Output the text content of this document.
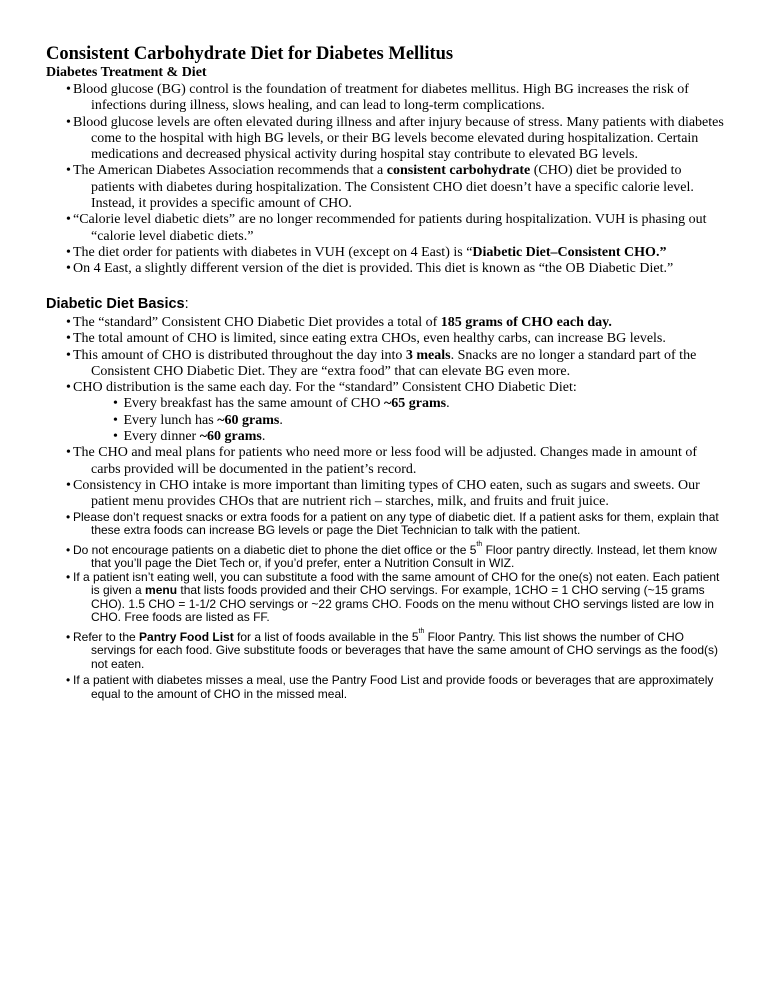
Consistent Carbohydrate Diet for Diabetes Mellitus
Diabetes Treatment & Diet
• Blood glucose (BG) control is the foundation of treatment for diabetes mellitus. High BG increases the risk of infections during illness, slows healing, and can lead to long-term complications.
• Blood glucose levels are often elevated during illness and after injury because of stress. Many patients with diabetes come to the hospital with high BG levels, or their BG levels become elevated during hospitalization. Certain medications and decreased physical activity during hospital stay contribute to elevated BG levels.
• The American Diabetes Association recommends that a consistent carbohydrate (CHO) diet be provided to patients with diabetes during hospitalization. The Consistent CHO diet doesn’t have a specific calorie level. Instead, it provides a specific amount of CHO.
• “Calorie level diabetic diets” are no longer recommended for patients during hospitalization. VUH is phasing out “calorie level diabetic diets.”
• The diet order for patients with diabetes in VUH (except on 4 East) is “Diabetic Diet–Consistent CHO.”
• On 4 East, a slightly different version of the diet is provided. This diet is known as “the OB Diabetic Diet.”
Diabetic Diet Basics:
• The “standard” Consistent CHO Diabetic Diet provides a total of 185 grams of CHO each day.
• The total amount of CHO is limited, since eating extra CHOs, even healthy carbs, can increase BG levels.
• This amount of CHO is distributed throughout the day into 3 meals. Snacks are no longer a standard part of the Consistent CHO Diabetic Diet. They are “extra food” that can elevate BG even more.
• CHO distribution is the same each day. For the “standard” Consistent CHO Diabetic Diet:
• Every breakfast has the same amount of CHO ~65 grams.
• Every lunch has ~60 grams.
• Every dinner ~60 grams.
• The CHO and meal plans for patients who need more or less food will be adjusted. Changes made in amount of carbs provided will be documented in the patient’s record.
• Consistency in CHO intake is more important than limiting types of CHO eaten, such as sugars and sweets. Our patient menu provides CHOs that are nutrient rich – starches, milk, and fruits and fruit juice.
• Please don’t request snacks or extra foods for a patient on any type of diabetic diet. If a patient asks for them, explain that these extra foods can increase BG levels or page the Diet Technician to talk with the patient.
• Do not encourage patients on a diabetic diet to phone the diet office or the 5th Floor pantry directly. Instead, let them know that you’ll page the Diet Tech or, if you’d prefer, enter a Nutrition Consult in WIZ.
• If a patient isn’t eating well, you can substitute a food with the same amount of CHO for the one(s) not eaten. Each patient is given a menu that lists foods provided and their CHO servings. For example, 1CHO = 1 CHO serving (~15 grams CHO). 1.5 CHO = 1-1/2 CHO servings or ~22 grams CHO. Foods on the menu without CHO servings listed are low in CHO. Free foods are listed as FF.
• Refer to the Pantry Food List for a list of foods available in the 5th Floor Pantry. This list shows the number of CHO servings for each food. Give substitute foods or beverages that have the same amount of CHO servings as the food(s) not eaten.
• If a patient with diabetes misses a meal, use the Pantry Food List and provide foods or beverages that are approximately equal to the amount of CHO in the missed meal.
